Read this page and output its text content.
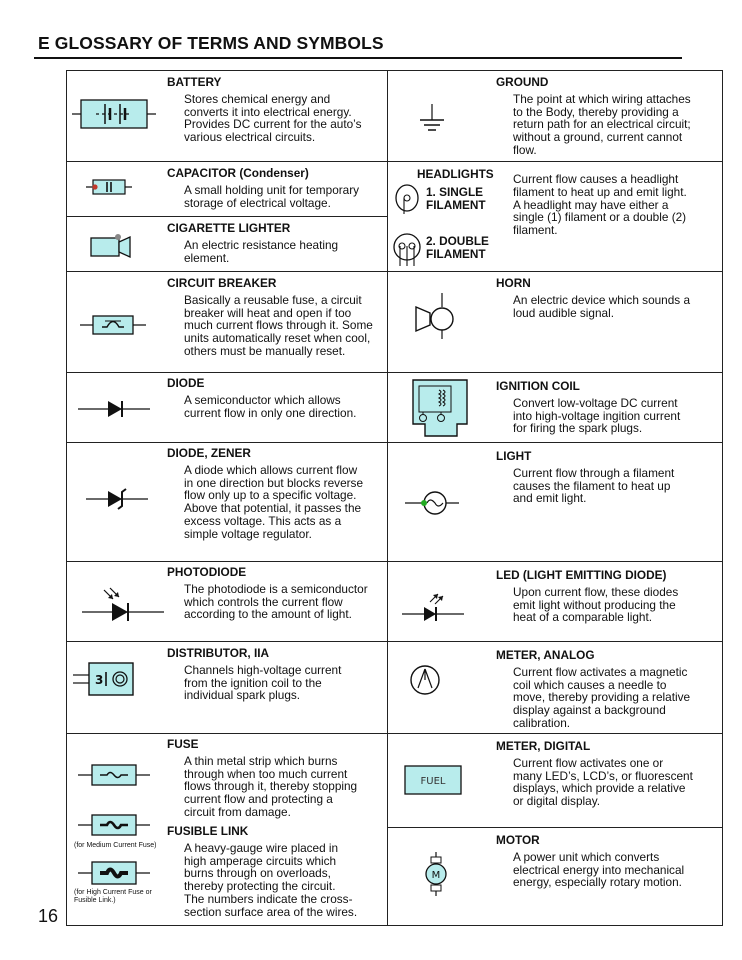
E GLOSSARY OF TERMS AND SYMBOLS
16
BATTERY
Stores chemical energy and
converts it into electrical energy.
Provides DC current for the auto’s
various electrical circuits.
CAPACITOR (Condenser)
A small holding unit for temporary
storage of electrical voltage.
CIGARETTE LIGHTER
An electric resistance heating
element.
CIRCUIT BREAKER
Basically a reusable fuse, a circuit
breaker will heat and open if too
much current flows through it. Some
units automatically reset when cool,
others must be manually reset.
DIODE
A semiconductor which allows
current flow in only one direction.
DIODE, ZENER
A diode which allows current flow
in one direction but blocks reverse
flow only up to a specific voltage.
Above that potential, it passes the
excess voltage. This acts as a
simple voltage regulator.
PHOTODIODE
The photodiode is a semiconductor
which controls the current flow
according to the amount of light.
DISTRIBUTOR, IIA
Channels high-voltage current
from the ignition coil to the
individual spark plugs.
FUSE
A thin metal strip which burns
through when too much current
flows through it, thereby stopping
current flow and protecting a
circuit from damage.
FUSIBLE LINK
A heavy-gauge wire placed in
high amperage circuits which
burns through on overloads,
thereby protecting the circuit.
The numbers indicate the cross-
section surface area of the wires.
GROUND
The point at which wiring attaches
to the Body, thereby providing a
return path for an electrical circuit;
without a ground, current cannot
flow.
Current flow causes a headlight
filament to heat up and emit light.
A headlight may have either a
single (1) filament or a double (2)
filament.
HEADLIGHTS
1. SINGLE
FILAMENT
2. DOUBLE
FILAMENT
HORN
An electric device which sounds a
loud audible signal.
IGNITION COIL
Convert low-voltage DC current
into high-voltage ingition current
for firing the spark plugs.
LIGHT
Current flow through a filament
causes the filament to heat up
and emit light.
LED (LIGHT EMITTING DIODE)
Upon current flow, these diodes
emit light without producing the
heat of a comparable light.
METER, ANALOG
Current flow activates a magnetic
coil which causes a needle to
move, thereby providing a relative
display against a background
calibration.
METER, DIGITAL
Current flow activates one or
many LED’s, LCD’s, or fluorescent
displays, which provide a relative
or digital display.
MOTOR
A power unit which converts
electrical energy into mechanical
energy, especially rotary motion.
3
(for Medium Current Fuse)
(for High Current Fuse or
Fusible Link.)
FUEL
M
